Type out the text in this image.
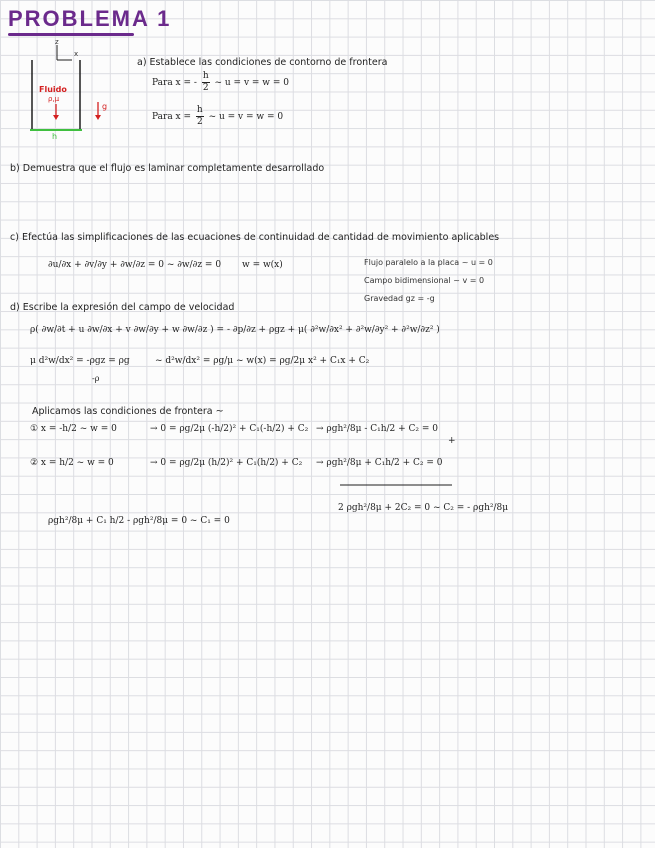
PROBLEMA 1
x
z
Fluido
ρ,μ
g
h
a) Establece las condiciones de contorno de frontera
Para x = - $\frac{h}{2}$ ~ u = v = w = 0
Para $x = \frac{h}{2}$ ~ u = v = w = 0
b) Demuestra que el flujo es laminar completamente desarrollado
c) Efectúa las simplificaciones de las ecuaciones de continuidad de cantidad de movimiento aplicables
∂u/∂x + ∂v/∂y + ∂w/∂z = 0 ~ ∂w/∂z = 0 w = w(x)	Flujo paralelo a la placa ~ u = 0
Campo bidimensional ~ v = 0
Gravedad gz = -g
d) Escribe la expresión del campo de velocidad
ρ( ∂w/∂t + u ∂w/∂x + v ∂w/∂y + w ∂w/∂z ) = - ∂p/∂z + ρgz + μ( ∂²w/∂x² + ∂²w/∂y² + ∂²w/∂z² )
μ d²w/dx² = -ρgz = ρg
-ρ
~ d²w/dx² = ρg/μ ~ w(x) = ρg/2μ x² + C₁x + C₂
Aplicamos las condiciones de frontera ~
① x = -h/2 ~ w = 0	→ 0 = ρg/2μ (-h/2)² + C₁(-h/2) + C₂ → ρgh²/8μ - C₁h/2 + C₂ = 0
+
② x = h/2 ~ w = 0	→ 0 = ρg/2μ (h/2)² + C₁(h/2) + C₂ → ρgh²/8μ + C₁h/2 + C₂ = 0
2 ρgh²/8μ + 2C₂ = 0 ~ C₂ = - ρgh²/8μ
ρgh²/8μ + C₁ h/2 - ρgh²/8μ = 0 ~ C₁ = 0
